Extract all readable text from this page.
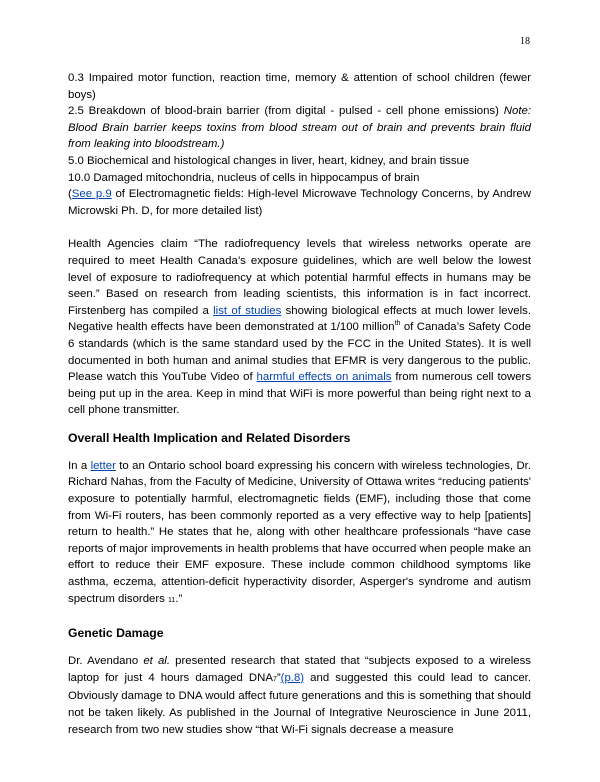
18

0.3 Impaired motor function, reaction time, memory & attention of school children (fewer boys)

2.5 Breakdown of blood-brain barrier (from digital - pulsed - cell phone emissions) Note: Blood Brain barrier keeps toxins from blood stream out of brain and prevents brain fluid from leaking into bloodstream.)

5.0 Biochemical and histological changes in liver, heart, kidney, and brain tissue

10.0 Damaged mitochondria, nucleus of cells in hippocampus of brain

(See p.9 of Electromagnetic fields: High-level Microwave Technology Concerns, by Andrew Microwski Ph. D, for more detailed list)

Health Agencies claim “The radiofrequency levels that wireless networks operate are required to meet Health Canada’s exposure guidelines, which are well below the lowest level of exposure to radiofrequency at which potential harmful effects in humans may be seen.” Based on research from leading scientists, this information is in fact incorrect. Firstenberg has compiled a list of studies showing biological effects at much lower levels. Negative health effects have been demonstrated at 1/100 million$^{th}$ of Canada’s Safety Code 6 standards (which is the same standard used by the FCC in the United States). It is well documented in both human and animal studies that EFMR is very dangerous to the public. Please watch this YouTube Video of harmful effects on animals from numerous cell towers being put up in the area. Keep in mind that WiFi is more powerful than being right next to a cell phone transmitter.

Overall Health Implication and Related Disorders

In a letter to an Ontario school board expressing his concern with wireless technologies, Dr. Richard Nahas, from the Faculty of Medicine, University of Ottawa writes “reducing patients' exposure to potentially harmful, electromagnetic fields (EMF), including those that come from Wi-Fi routers, has been commonly reported as a very effective way to help [patients] return to health.” He states that he, along with other healthcare professionals “have case reports of major improvements in health problems that have occurred when people make an effort to reduce their EMF exposure. These include common childhood symptoms like asthma, eczema, attention-deficit hyperactivity disorder, Asperger's syndrome and autism spectrum disorders 11.”

Genetic Damage

Dr. Avendano et al. presented research that stated that “subjects exposed to a wireless laptop for just 4 hours damaged DNA7”(p.8) and suggested this could lead to cancer. Obviously damage to DNA would affect future generations and this is something that should not be taken likely. As published in the Journal of Integrative Neuroscience in June 2011, research from two new studies show “that Wi-Fi signals decrease a measure
